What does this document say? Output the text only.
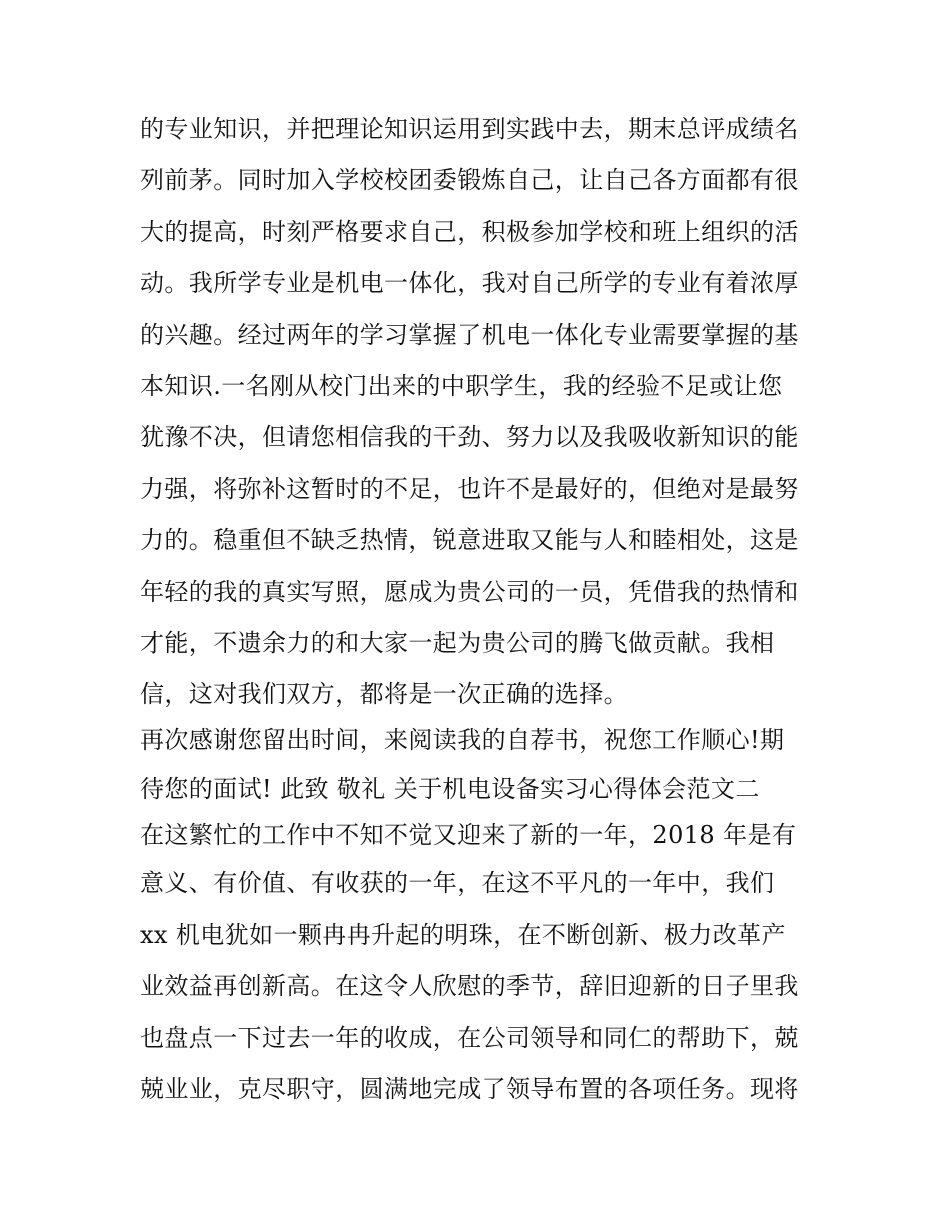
的专业知识，并把理论知识运用到实践中去，期末总评成绩名
列前茅。同时加入学校校团委锻炼自己，让自己各方面都有很
大的提高，时刻严格要求自己，积极参加学校和班上组织的活
动。我所学专业是机电一体化，我对自己所学的专业有着浓厚
的兴趣。经过两年的学习掌握了机电一体化专业需要掌握的基
本知识.一名刚从校门出来的中职学生，我的经验不足或让您
犹豫不决，但请您相信我的干劲、努力以及我吸收新知识的能
力强，将弥补这暂时的不足，也许不是最好的，但绝对是最努
力的。稳重但不缺乏热情，锐意进取又能与人和睦相处，这是
年轻的我的真实写照，愿成为贵公司的一员，凭借我的热情和
才能，不遗余力的和大家一起为贵公司的腾飞做贡献。我相
信，这对我们双方，都将是一次正确的选择。
再次感谢您留出时间，来阅读我的自荐书，祝您工作顺心!期
待您的面试! 此致 敬礼 关于机电设备实习心得体会范文二
在这繁忙的工作中不知不觉又迎来了新的一年，2018 年是有
意义、有价值、有收获的一年，在这不平凡的一年中，我们
xx 机电犹如一颗冉冉升起的明珠，在不断创新、极力改革产
业效益再创新高。在这令人欣慰的季节，辞旧迎新的日子里我
也盘点一下过去一年的收成，在公司领导和同仁的帮助下，兢
兢业业，克尽职守，圆满地完成了领导布置的各项任务。现将
